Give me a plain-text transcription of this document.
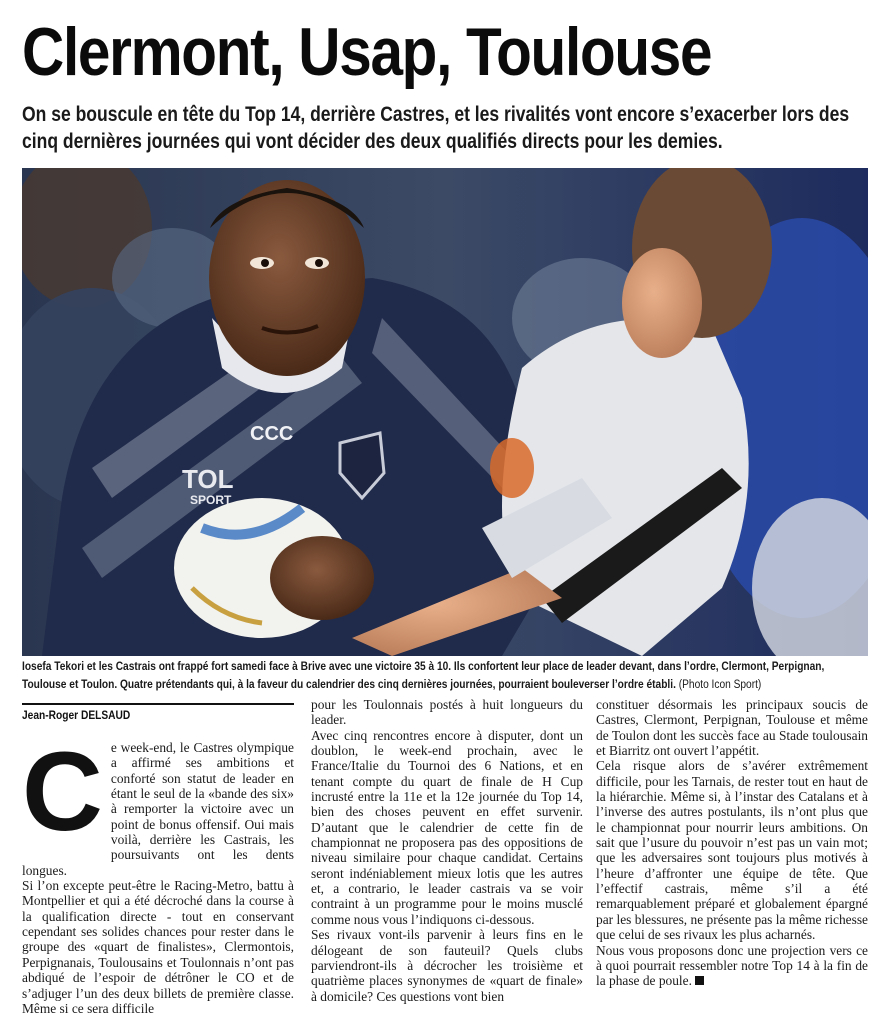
Clermont, Usap, Toulouse

On se bouscule en tête du Top 14, derrière Castres, et les rivalités vont encore s’exacerber lors des cinq dernières journées qui vont décider des deux qualifiés directs pour les demies.

TOL
SPORT
CCC

Iosefa Tekori et les Castrais ont frappé fort samedi face à Brive avec une victoire 35 à 10. Ils confortent leur place de leader devant, dans l’ordre, Clermont, Perpignan, Toulouse et Toulon. Quatre prétendants qui, à la faveur du calendrier des cinq dernières journées, pourraient bouleverser l’ordre établi. (Photo Icon Sport)

Jean-Roger DELSAUD
C e week-end, le Castres olympique a affirmé ses ambitions et conforté son statut de leader en étant le seul de la «bande des six» à remporter la victoire avec un point de bonus offensif. Oui mais voilà, derrière les Castrais, les poursuivants ont les dents longues.

Si l’on excepte peut-être le Racing-Metro, battu à Montpellier et qui a été décroché dans la course à la qualification directe - tout en conservant cependant ses solides chances pour rester dans le groupe des «quart de finalistes», Clermontois, Perpignanais, Toulousains et Toulonnais n’ont pas abdiqué de l’espoir de détrôner le CO et de s’adjuger l’un des deux billets de première classe. Même si ce sera difficile

pour les Toulonnais postés à huit longueurs du leader.

Avec cinq rencontres encore à disputer, dont un doublon, le week-end prochain, avec le France/Italie du Tournoi des 6 Nations, et en tenant compte du quart de finale de H Cup incrusté entre la 11e et la 12e journée du Top 14, bien des choses peuvent en effet survenir. D’autant que le calendrier de cette fin de championnat ne proposera pas des oppositions de niveau similaire pour chaque candidat. Certains seront indéniablement mieux lotis que les autres et, a contrario, le leader castrais va se voir contraint à un programme pour le moins musclé comme nous vous l’indiquons ci-dessous.

Ses rivaux vont-ils parvenir à leurs fins en le délogeant de son fauteuil? Quels clubs parviendront-ils à décrocher les troisième et quatrième places synonymes de «quart de finale» à domicile? Ces questions vont bien

constituer désormais les principaux soucis de Castres, Clermont, Perpignan, Toulouse et même de Toulon dont les succès face au Stade toulousain et Biarritz ont ouvert l’appétit.

Cela risque alors de s’avérer extrêmement difficile, pour les Tarnais, de rester tout en haut de la hiérarchie. Même si, à l’instar des Catalans et à l’inverse des autres postulants, ils n’ont plus que le championnat pour nourrir leurs ambitions. On sait que l’usure du pouvoir n’est pas un vain mot; que les adversaires sont toujours plus motivés à l’heure d’affronter une équipe de tête. Que l’effectif castrais, même s’il a été remarquablement préparé et globalement épargné par les blessures, ne présente pas la même richesse que celui de ses rivaux les plus acharnés.

Nous vous proposons donc une projection vers ce à quoi pourrait ressembler notre Top 14 à la fin de la phase de poule.
